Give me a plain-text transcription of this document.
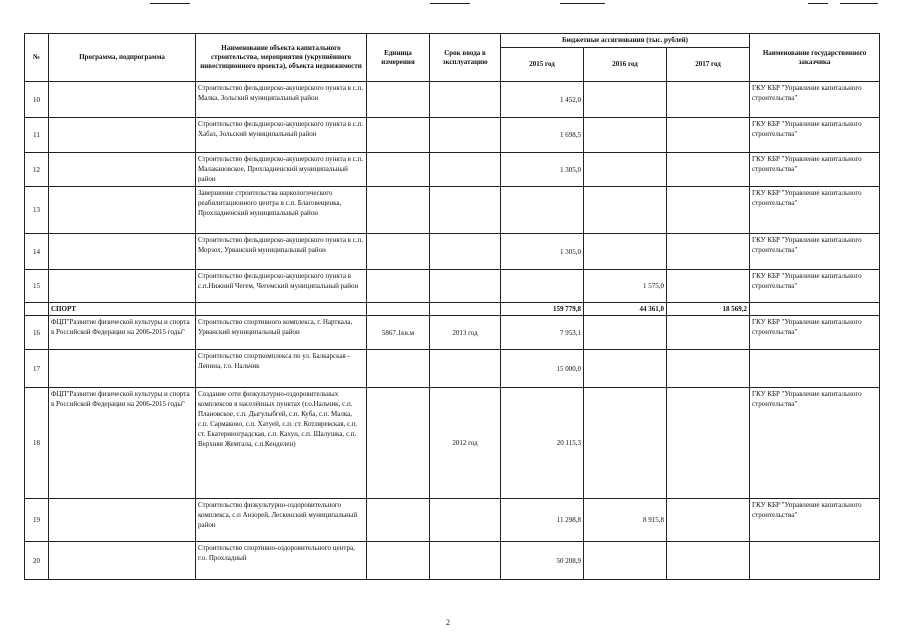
№	Программа, подпрограмма	Наименование объекта капитального строительства, мероприятия (укрупнённого инвестиционного проекта), объекта недвижимости	Единица измерения	Срок ввода в эксплуатацию	Бюджетные ассигнования (тыс. рублей)			Наименование государственного заказчика
					2015 год	2016 год	2017 год	
10		Строительство фельдшерско-акушерского пункта в с.п. Малка, Зольский муниципальный район			1 452,0			ГКУ КБР "Управление капитального строительства"
11		Строительство фельдшерско-акушерского пункта в с.п. Хабаз, Зольский муниципальный район			1 698,5			ГКУ КБР "Управление капитального строительства"
12		Строительство фельдшерско-акушерского пункта в с.п. Малакановское, Прохладненский муниципальный район			1 305,0			ГКУ КБР "Управление капитального строительства"
13		Завершение строительства наркологического реабилитационного центра в с.п. Благовещенка, Прохладненский муниципальный район						ГКУ КБР "Управление капитального строительства"
14		Строительство фельдшерско-акушерского пункта в с.п. Морзох, Урванский муниципальный район			1 305,0			ГКУ КБР "Управление капитального строительства"
15		Строительство фельдшерско-акушерского пункта в с.п.Нижний Чегем, Чегемский муниципальный район				1 575,0		ГКУ КБР "Управление капитального строительства"
	СПОРТ				159 779,8	44 361,0	18 569,2	
16	ФЦП"Развитие физической культуры и спорта в Российской Федерации на 2006-2015 годы"	Строительство спортивного комплекса, г. Нарткала, Урванский муниципальный район	5867.1кв.м	2013 год	7 953,1			ГКУ КБР "Управление капитального строительства"
17		Строительство спорткомплекса по ул. Балкарская - Ленина, г.о. Нальчик			15 000,0			
18	ФЦП"Развитие физической культуры и спорта в Российской Федерации на 2006-2015 годы"	Создание сети физкультурно-оздоровительных комплексов в населённых пунктах (г.о.Нальчик, с.п. Плановское, с.п. Дыгулыбгей, с.п. Куба, с.п. Малка, с.п. Сармаково, с.п. Хатуей, с.п. ст. Котляревская, с.п. ст. Екатериноградская, с.п. Кахун, с.п. Шалушка, с.п. Верхняя Жемтала, с.п.Кенделен)		2012 год	20 115,3			ГКУ КБР "Управление капитального строительства"
19		Строительство физкультурно-оздоровительного комплекса, с.п Анзорей, Лескенский муниципальный район			11 298,8	8 915,8		ГКУ КБР "Управление капитального строительства"
20		Строительство спортивно-оздоровительного центра, г.о. Прохладный			50 208,9			
2
